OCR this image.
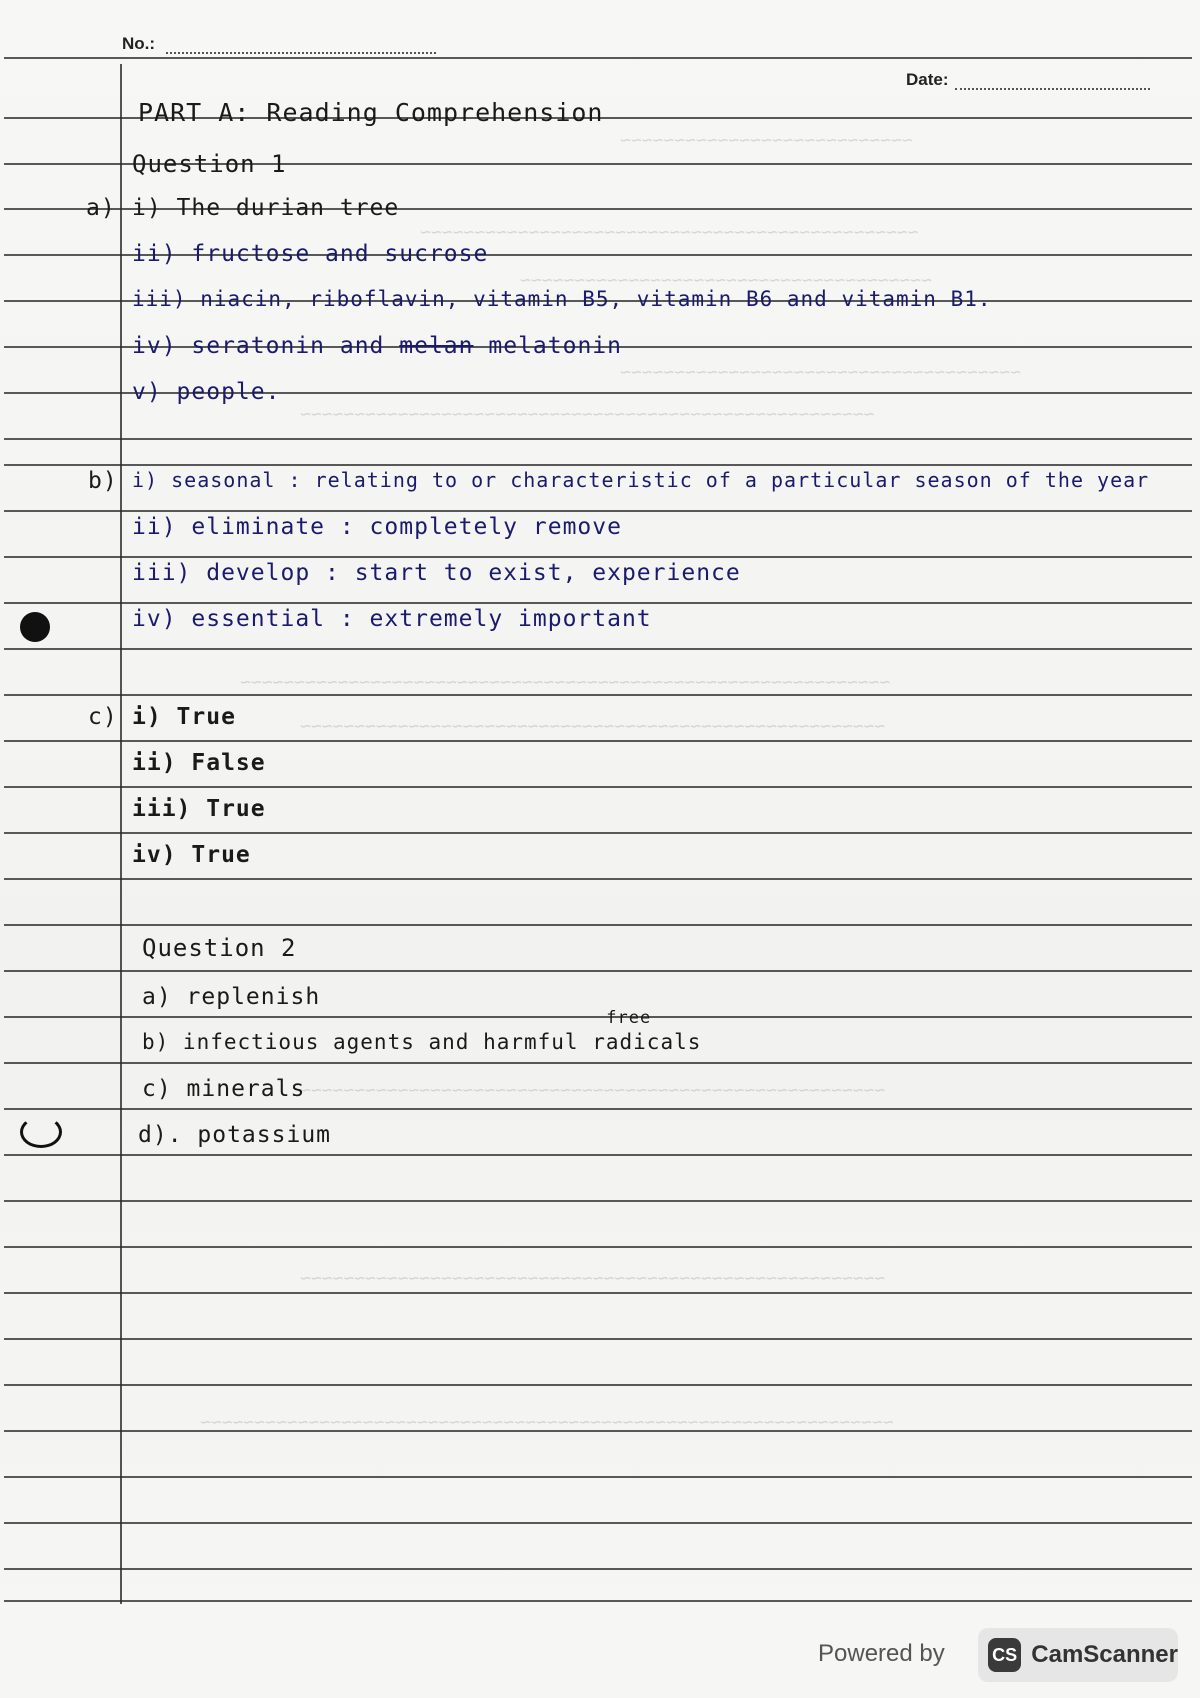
No.:
Date:
~~~~~~~~~~~~~~~~~~~~~~~~~~~
~~~~~~~~~~~~~~~~~~~~~~~~~~~~~~~~~~~~~~~~~~~~~~
~~~~~~~~~~~~~~~~~~~~~~~~~~~~~~~~~~~~~~
~~~~~~~~~~~~~~~~~~~~~~~~~~~~~~~~~~~~~
~~~~~~~~~~~~~~~~~~~~~~~~~~~~~~~~~~~~~~~~~~~~~~~~~~~~~
~~~~~~~~~~~~~~~~~~~~~~~~~~~~~~~~~~~~~~~~~~~~~~~~~~~~~~~~~~~~
~~~~~~~~~~~~~~~~~~~~~~~~~~~~~~~~~~~~~~~~~~~~~~~~~~~~~~
~~~~~~~~~~~~~~~~~~~~~~~~~~~~~~~~~~~~~~~~~~~~~~~~~~~~~~
~~~~~~~~~~~~~~~~~~~~~~~~~~~~~~~~~~~~~~~~~~~~~~~~~~~~~~
~~~~~~~~~~~~~~~~~~~~~~~~~~~~~~~~~~~~~~~~~~~~~~~~~~~~~~~~~~~~~~~~
PART A: Reading Comprehension
Question 1
a) i) The durian tree
ii) fructose and sucrose
iii) niacin, riboflavin, vitamin B5, vitamin B6 and vitamin B1.
iv) seratonin and melan melatonin
v) people.
b) i) seasonal : relating to or characteristic of a particular season of the year
ii) eliminate : completely remove
iii) develop : start to exist, experience
iv) essential : extremely important
c) i) True
ii) False
iii) True
iv) True
Question 2
a) replenish
b) infectious agents and harmful
free
radicals
c) minerals
d). potassium
Powered by	CS CamScanner
